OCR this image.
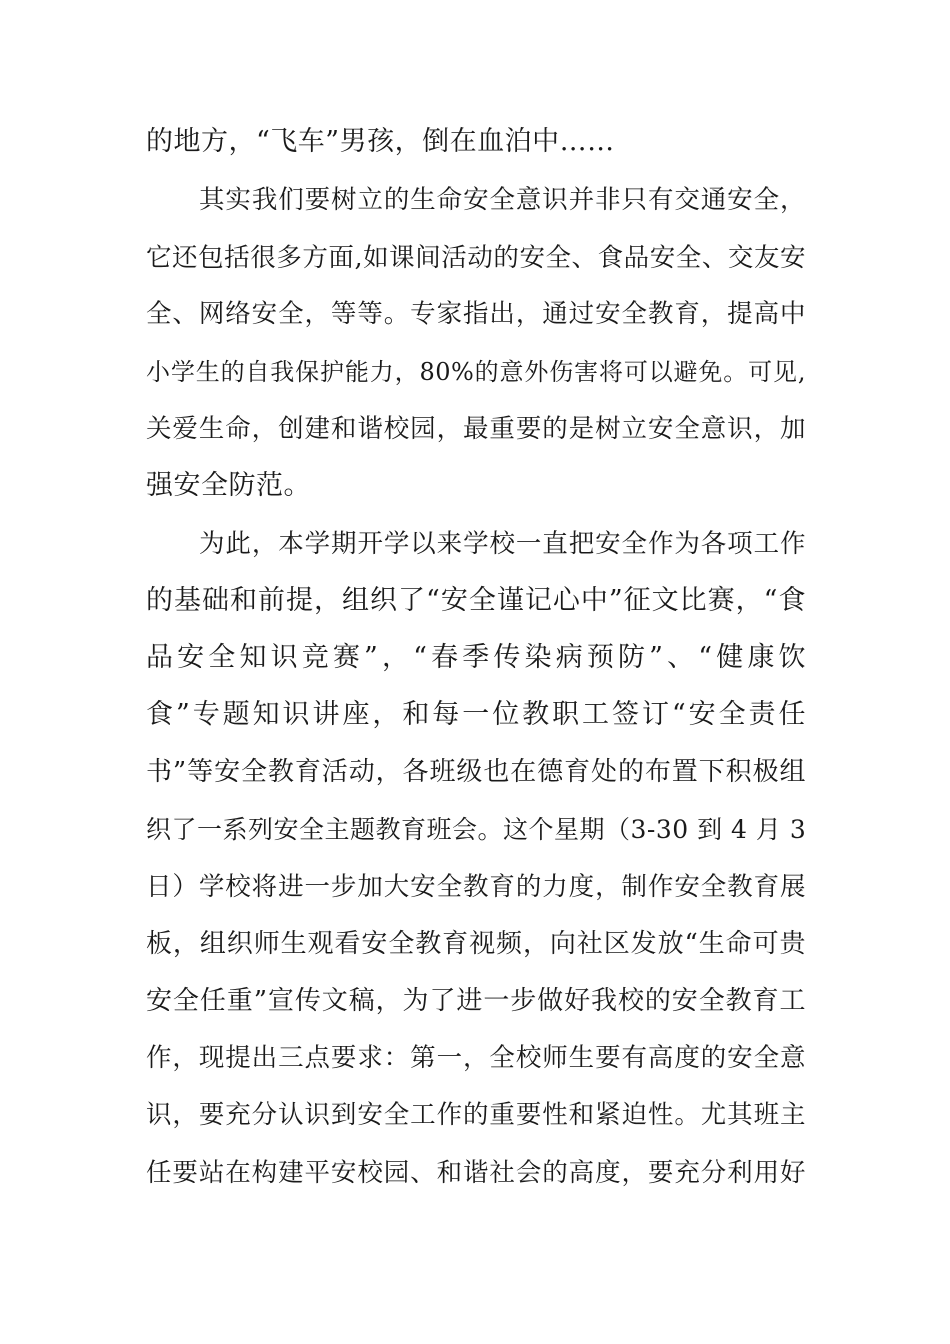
的地方，“飞车”男孩，倒在血泊中……
其实我们要树立的生命安全意识并非只有交通安全，
它还包括很多方面,如课间活动的安全、食品安全、交友安
全、网络安全，等等。专家指出，通过安全教育，提高中
小学生的自我保护能力，80%的意外伤害将可以避免。可见,
关爱生命，创建和谐校园，最重要的是树立安全意识，加
强安全防范。
为此，本学期开学以来学校一直把安全作为各项工作
的基础和前提，组织了“安全谨记心中”征文比赛，“食
品安全知识竞赛”，“春季传染病预防”、“健康饮
食”专题知识讲座，和每一位教职工签订“安全责任
书”等安全教育活动，各班级也在德育处的布置下积极组
织了一系列安全主题教育班会。这个星期（3-30 到 4 月 3
日）学校将进一步加大安全教育的力度，制作安全教育展
板，组织师生观看安全教育视频，向社区发放“生命可贵
安全任重”宣传文稿，为了进一步做好我校的安全教育工
作，现提出三点要求：第一，全校师生要有高度的安全意
识，要充分认识到安全工作的重要性和紧迫性。尤其班主
任要站在构建平安校园、和谐社会的高度，要充分利用好
